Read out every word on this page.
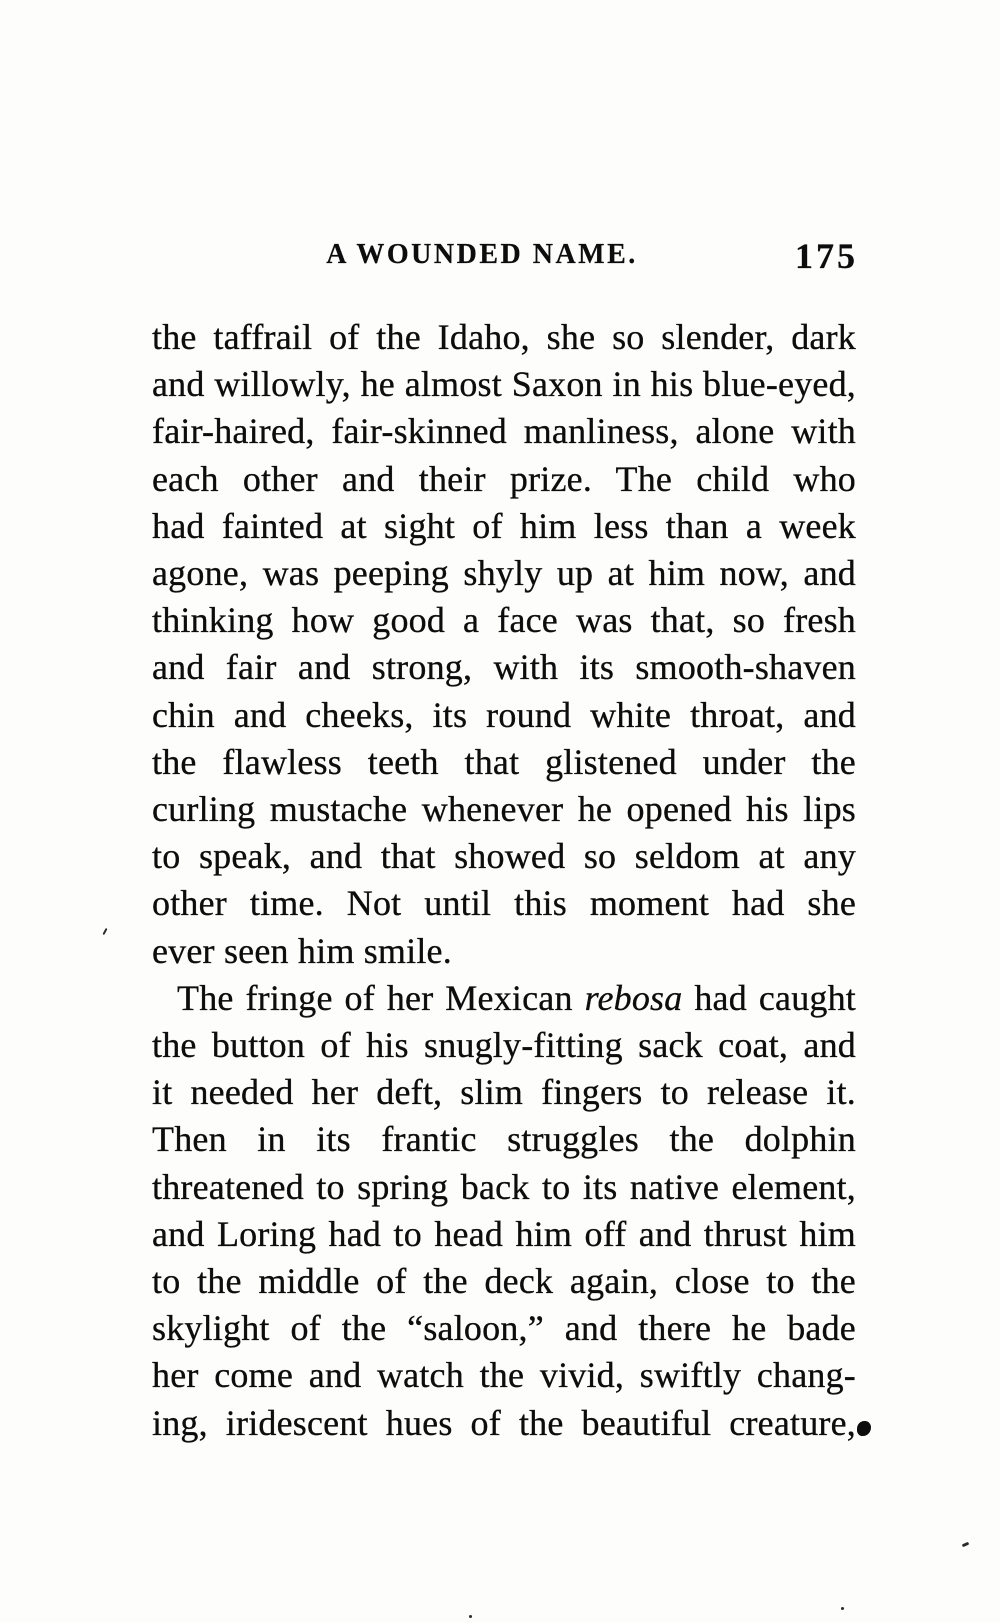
A WOUNDED NAME.	175
the taffrail of the Idaho, she so slender, dark
and willowly, he almost Saxon in his blue-eyed,
fair-haired, fair-skinned manliness, alone with
each other and their prize. The child who
had fainted at sight of him less than a week
agone, was peeping shyly up at him now, and
thinking how good a face was that, so fresh
and fair and strong, with its smooth-shaven
chin and cheeks, its round white throat, and
the flawless teeth that glistened under the
curling mustache whenever he opened his lips
to speak, and that showed so seldom at any
other time. Not until this moment had she
ever seen him smile.
The fringe of her Mexican rebosa had caught
the button of his snugly-fitting sack coat, and
it needed her deft, slim fingers to release it.
Then in its frantic struggles the dolphin
threatened to spring back to its native element,
and Loring had to head him off and thrust him
to the middle of the deck again, close to the
skylight of the “saloon,” and there he bade
her come and watch the vivid, swiftly chang-
ing, iridescent hues of the beautiful creature,
